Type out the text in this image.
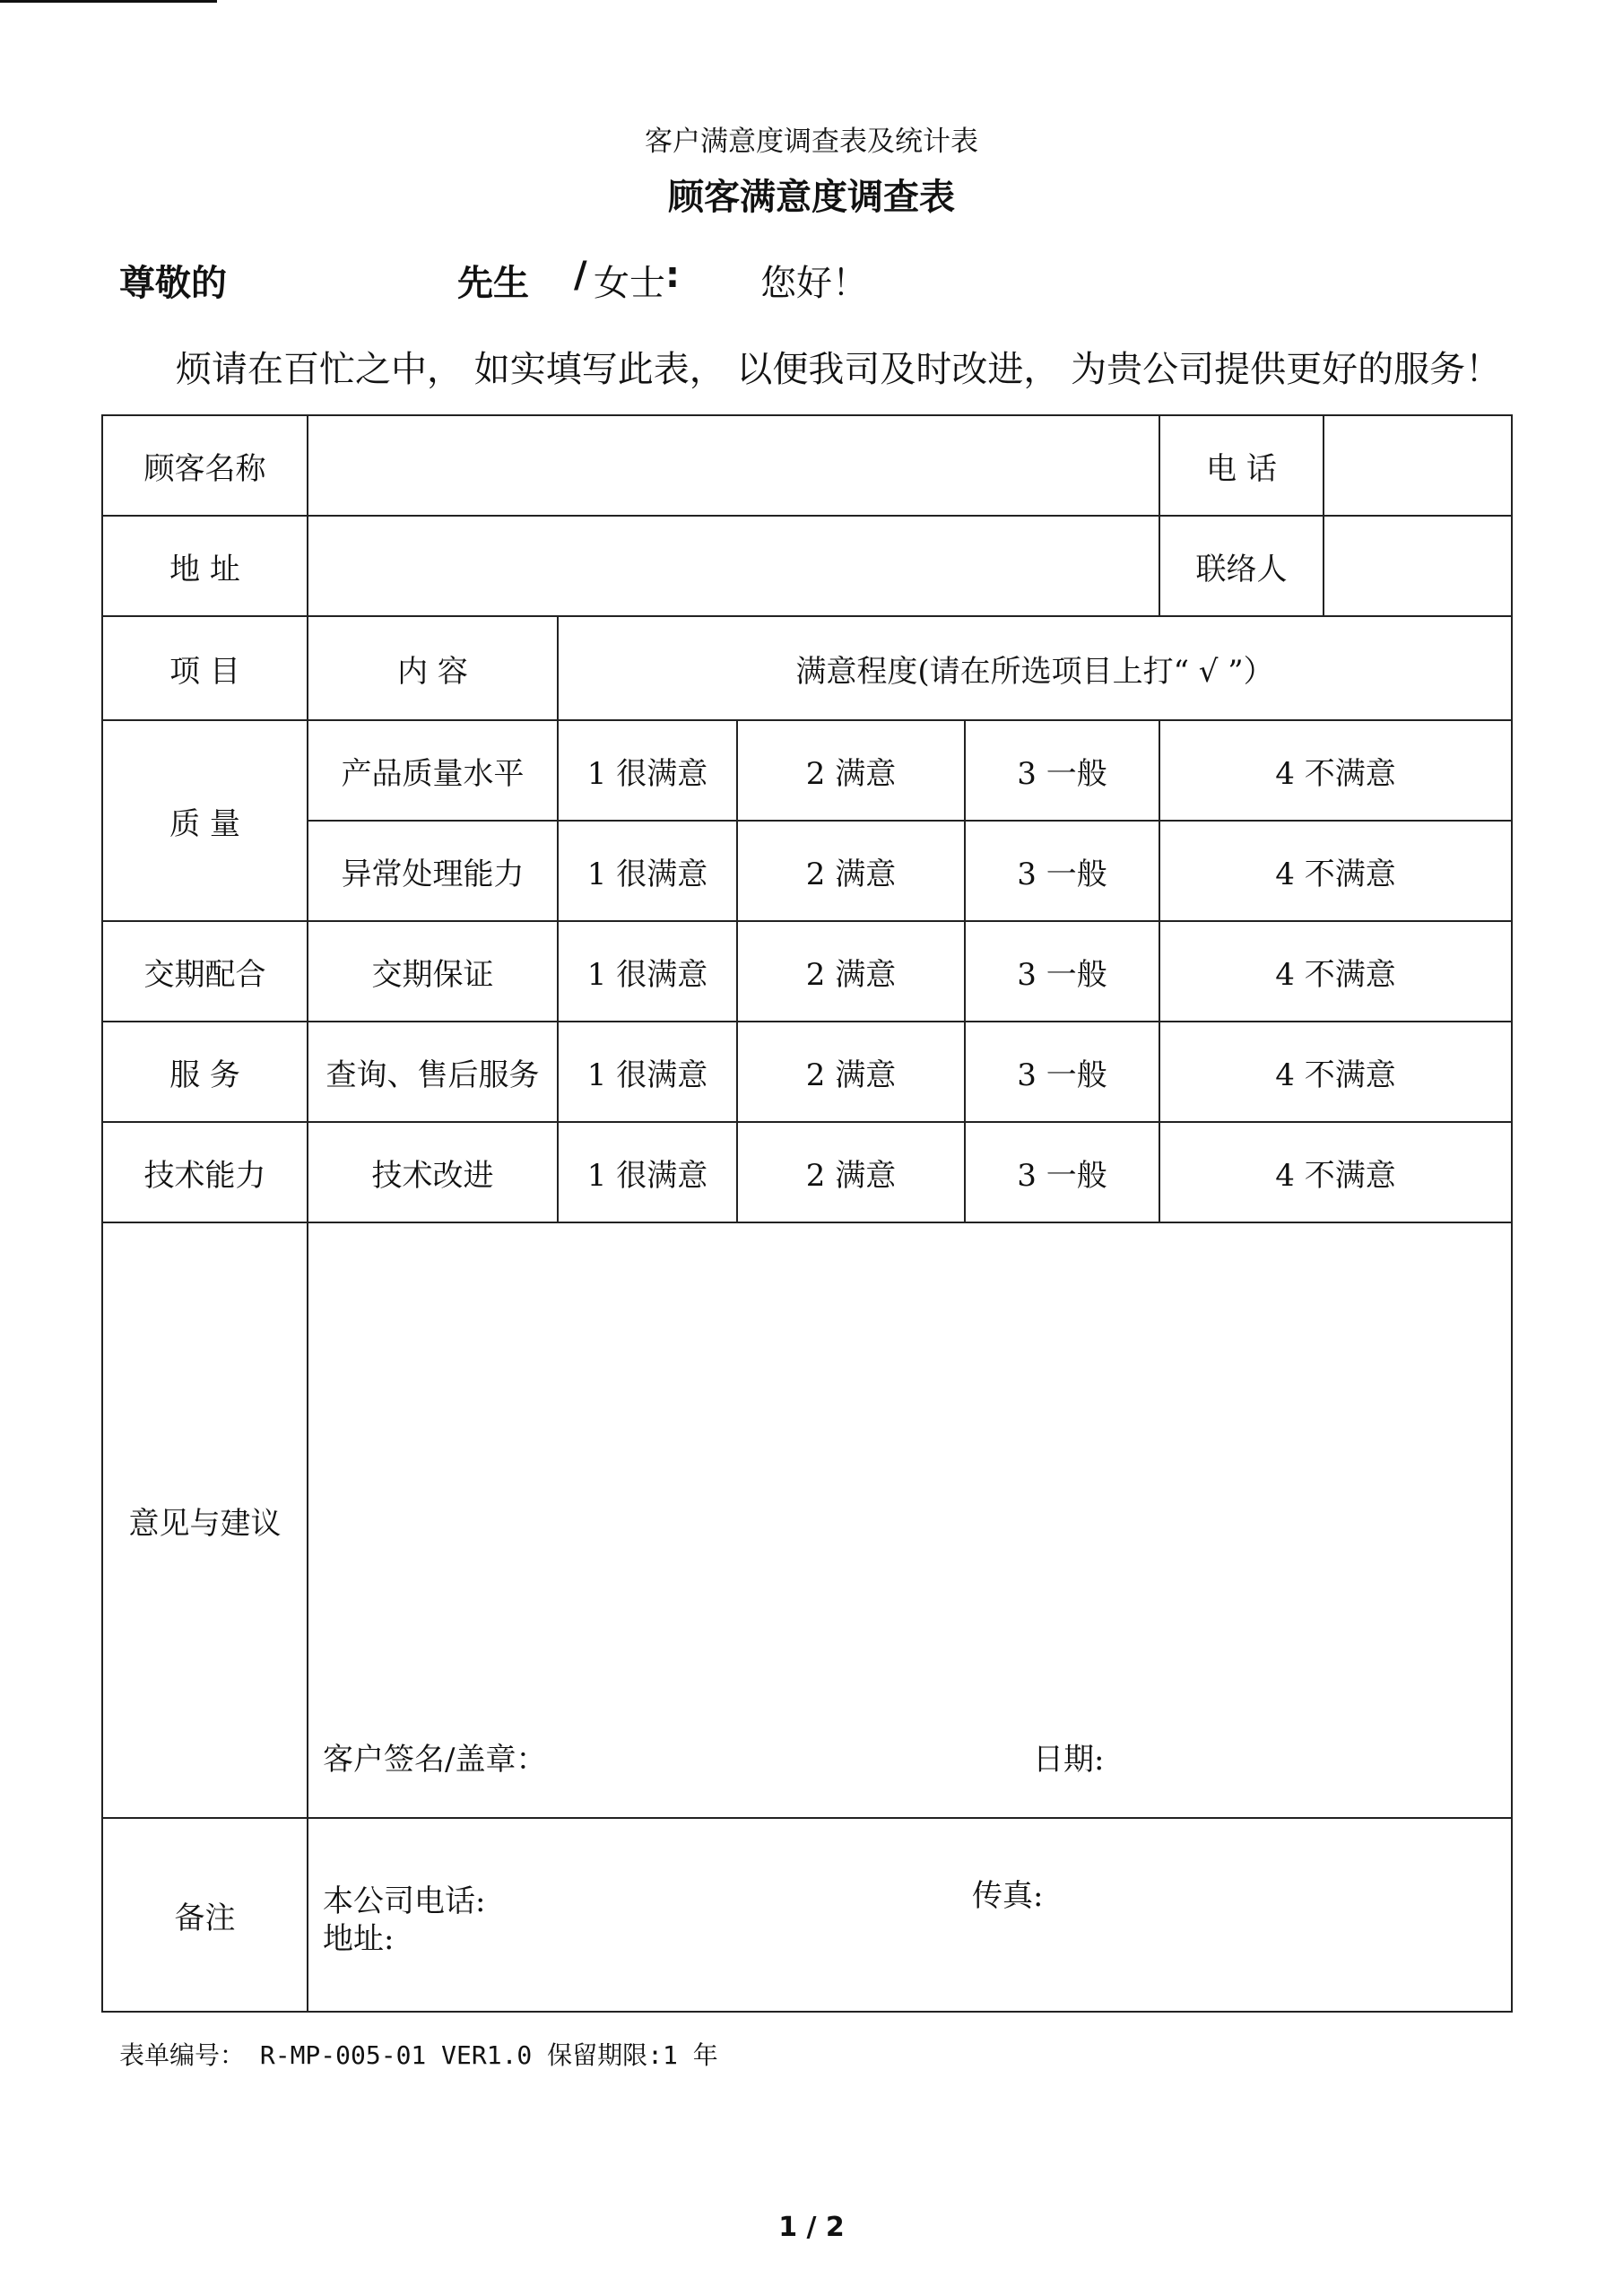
客户满意度调查表及统计表
顾客满意度调查表
尊敬的	先生 / 女士 : 您好！
烦请在百忙之中， 如实填写此表， 以便我司及时改进， 为贵公司提供更好的服务！
顾客名称					电 话	
地 址					联络人	
项 目	内 容	满意程度(请在所选项目上打“ √ ”）				
质 量	产品质量水平	1 很满意	2 满意	3 一般	4 不满意	
	异常处理能力	1 很满意	2 满意	3 一般	4 不满意	
交期配合	交期保证	1 很满意	2 满意	3 一般	4 不满意	
服 务	查询、售后服务	1 很满意	2 满意	3 一般	4 不满意	
技术能力	技术改进	1 很满意	2 满意	3 一般	4 不满意	
意见与建议	客户签名/盖章： 日期:					

备注	本公司电话: 传真:
地址:					
表单编号： R-MP-005-01 VER1.0 保留期限:1 年
1 / 2
